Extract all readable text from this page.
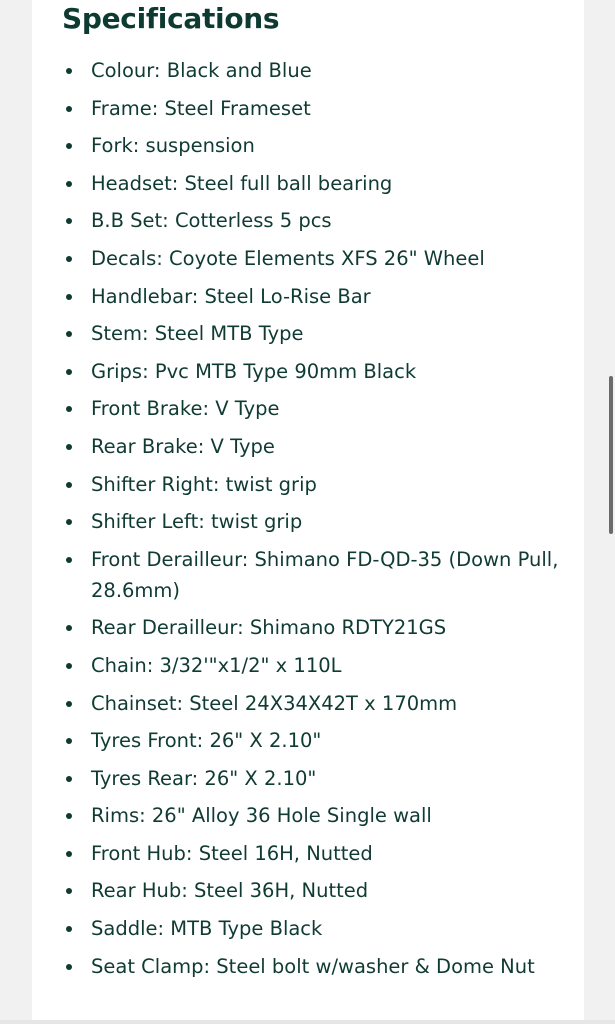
Specifications
Colour: Black and Blue
Frame: Steel Frameset
Fork: suspension
Headset: Steel full ball bearing
B.B Set: Cotterless 5 pcs
Decals: Coyote Elements XFS 26" Wheel
Handlebar: Steel Lo-Rise Bar
Stem: Steel MTB Type
Grips: Pvc MTB Type 90mm Black
Front Brake: V Type
Rear Brake: V Type
Shifter Right: twist grip
Shifter Left: twist grip
Front Derailleur: Shimano FD-QD-35 (Down Pull, 28.6mm)
Rear Derailleur: Shimano RDTY21GS
Chain: 3/32'"x1/2" x 110L
Chainset: Steel 24X34X42T x 170mm
Tyres Front: 26" X 2.10"
Tyres Rear: 26" X 2.10"
Rims: 26" Alloy 36 Hole Single wall
Front Hub: Steel 16H, Nutted
Rear Hub: Steel 36H, Nutted
Saddle: MTB Type Black
Seat Clamp: Steel bolt w/washer & Dome Nut
